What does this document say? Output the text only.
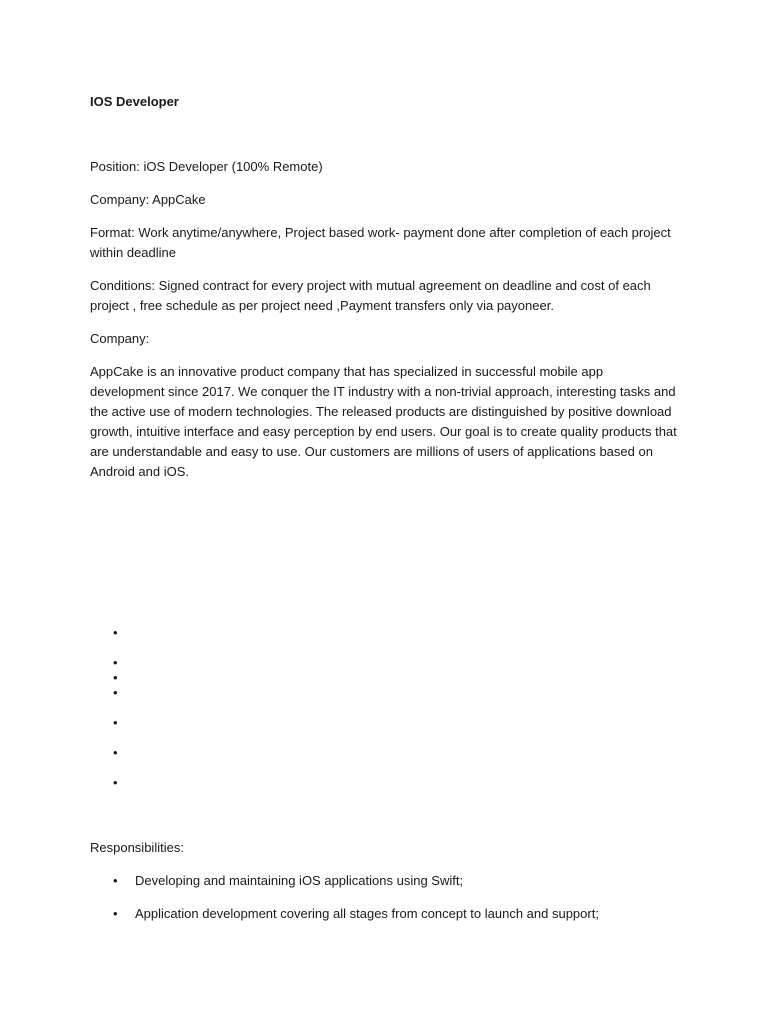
IOS Developer

Position: iOS Developer (100% Remote)

Company: AppCake

Format: Work anytime/anywhere, Project based work- payment done after completion of each project within deadline

Conditions: Signed contract for every project with mutual agreement on deadline and cost of each project , free schedule as per project need ,Payment transfers only via payoneer.

Company:

AppCake is an innovative product company that has specialized in successful mobile app development since 2017. We conquer the IT industry with a non-trivial approach, interesting tasks and the active use of modern technologies. The released products are distinguished by positive download growth, intuitive interface and easy perception by end users. Our goal is to create quality products that are understandable and easy to use. Our customers are millions of users of applications based on Android and iOS.

•
•
•
•
•
•
•

Responsibilities:

• Developing and maintaining iOS applications using Swift;
• Application development covering all stages from concept to launch and support;
